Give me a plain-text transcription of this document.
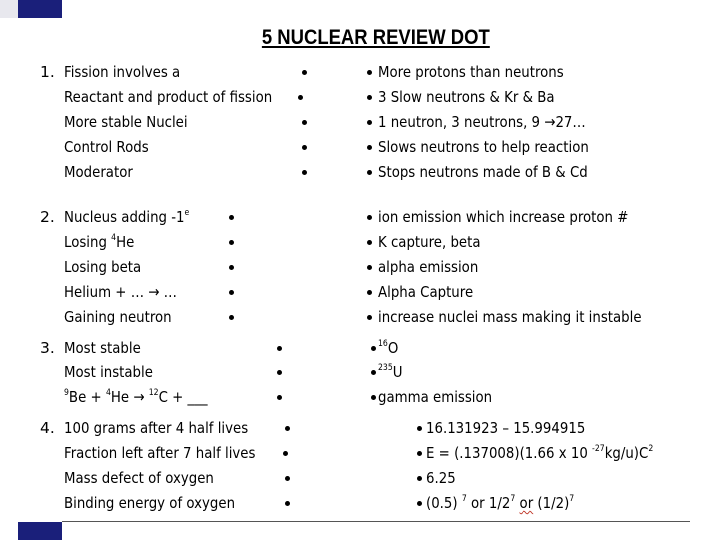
5 NUCLEAR REVIEW DOT
1. Fission involves a
Reactant and product of fission
More stable Nuclei
Control Rods
Moderator
More protons than neutrons
3 Slow neutrons & Kr & Ba
1 neutron, 3 neutrons, 9 →27…
Slows neutrons to help reaction
Stops neutrons made of B & Cd
2. Nucleus adding -1e
Losing $^4$He
Losing beta
Helium + … → …
Gaining neutron
ion emission which increase proton #
K capture, beta
alpha emission
Alpha Capture
increase nuclei mass making it instable
3. Most stable
Most instable
$^9$Be + $^4$He → $^{12}$C + ___
$^{16}$O
$^{235}$U
gamma emission
4. 100 grams after 4 half lives
Fraction left after 7 half lives
Mass defect of oxygen
Binding energy of oxygen
16.131923 – 15.994915
E = (.137008)(1.66 x 10 $^{-27}kg/u)C^2$
6.25
(0.5) $^7$ or $1/2^7$ or $(1/2)^7$
